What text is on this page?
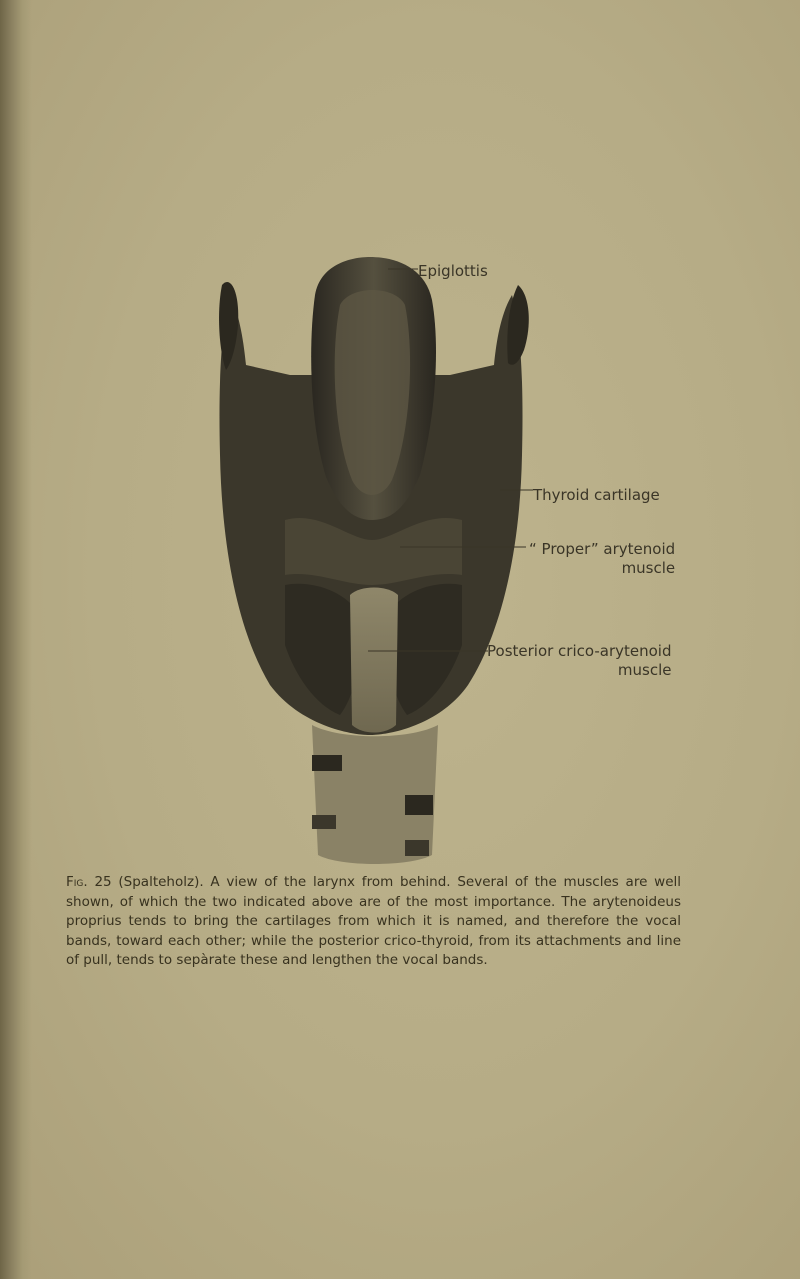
Epiglottis
Thyroid cartilage
“ Proper” arytenoid
muscle
Posterior crico-arytenoid
muscle
Fig. 25 (Spalteholz). A view of the larynx from behind. Several of the muscles are well shown, of which the two indicated above are of the most importance. The arytenoideus proprius tends to bring the cartilages from which it is named, and therefore the vocal bands, toward each other; while the posterior crico-thyroid, from its attachments and line of pull, tends to sepàrate these and lengthen the vocal bands.
